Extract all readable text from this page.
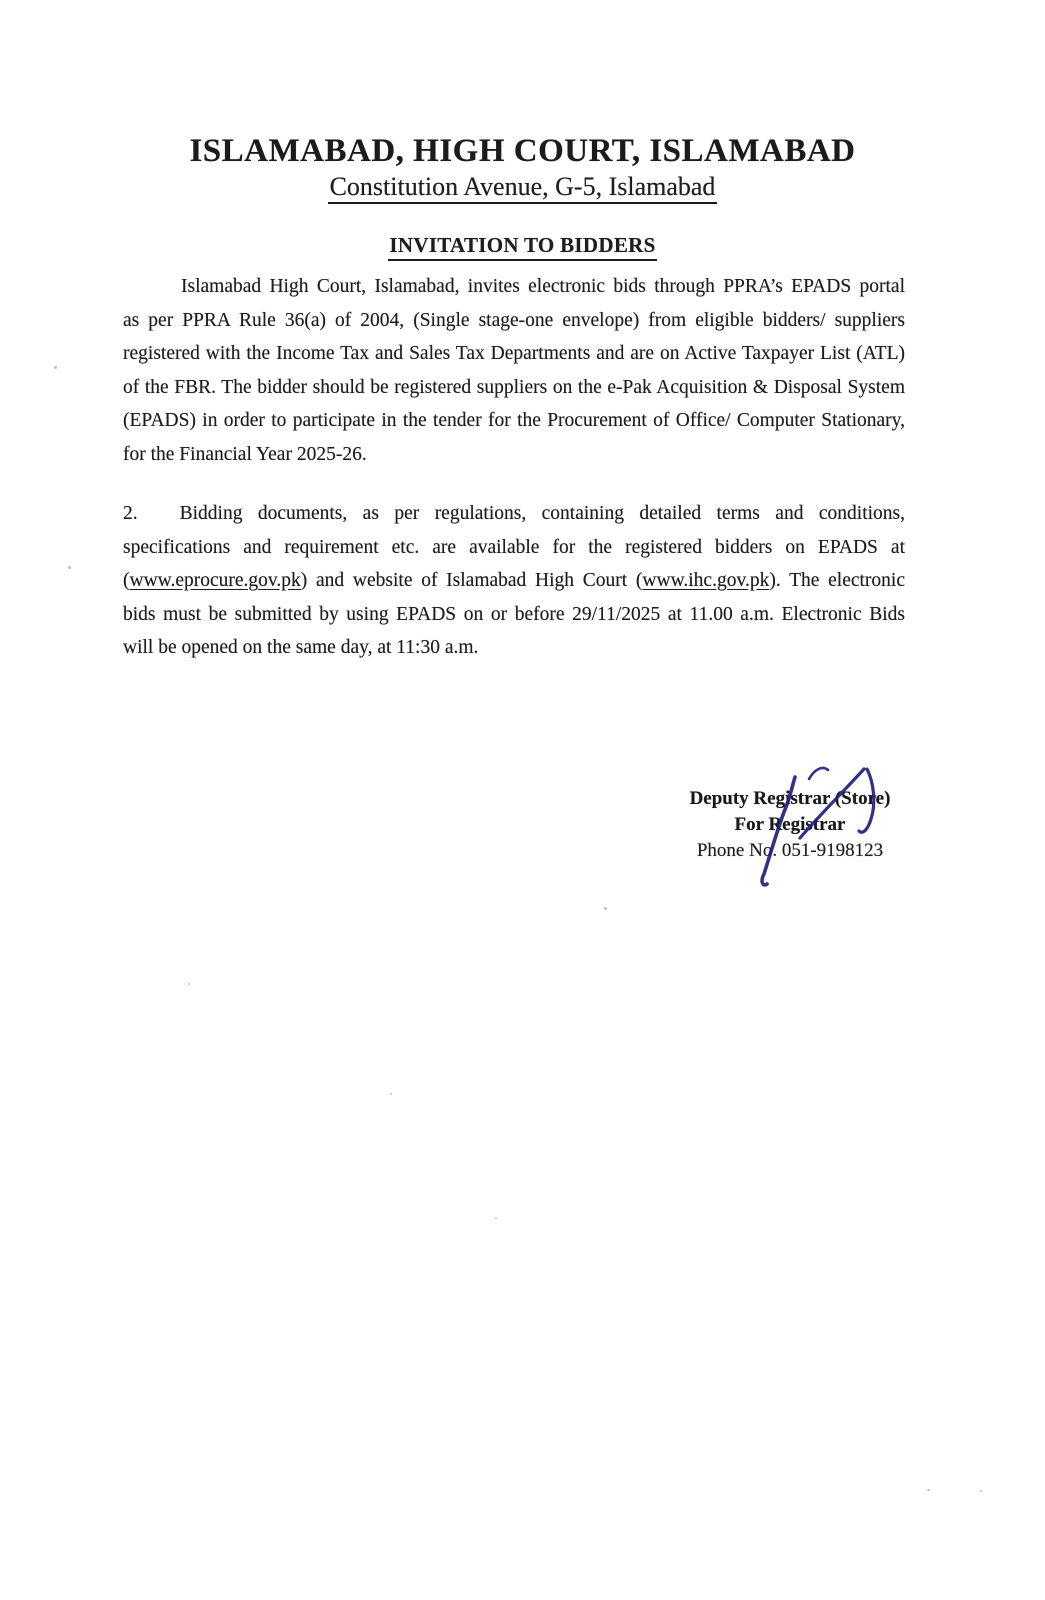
ISLAMABAD, HIGH COURT, ISLAMABAD
Constitution Avenue, G-5, Islamabad
INVITATION TO BIDDERS
Islamabad High Court, Islamabad, invites electronic bids through PPRA’s EPADS portal
as per PPRA Rule 36(a) of 2004, (Single stage-one envelope) from eligible bidders/ suppliers
registered with the Income Tax and Sales Tax Departments and are on Active Taxpayer List (ATL)
of the FBR. The bidder should be registered suppliers on the e-Pak Acquisition & Disposal System
(EPADS) in order to participate in the tender for the Procurement of Office/ Computer Stationary,
for the Financial Year 2025-26.
2. Bidding documents, as per regulations, containing detailed terms and conditions,
specifications and requirement etc. are available for the registered bidders on EPADS at
(www.eprocure.gov.pk) and website of Islamabad High Court (www.ihc.gov.pk). The electronic
bids must be submitted by using EPADS on or before 29/11/2025 at 11.00 a.m. Electronic Bids
will be opened on the same day, at 11:30 a.m.
Deputy Registrar (Store)
For Registrar
Phone No. 051-9198123
